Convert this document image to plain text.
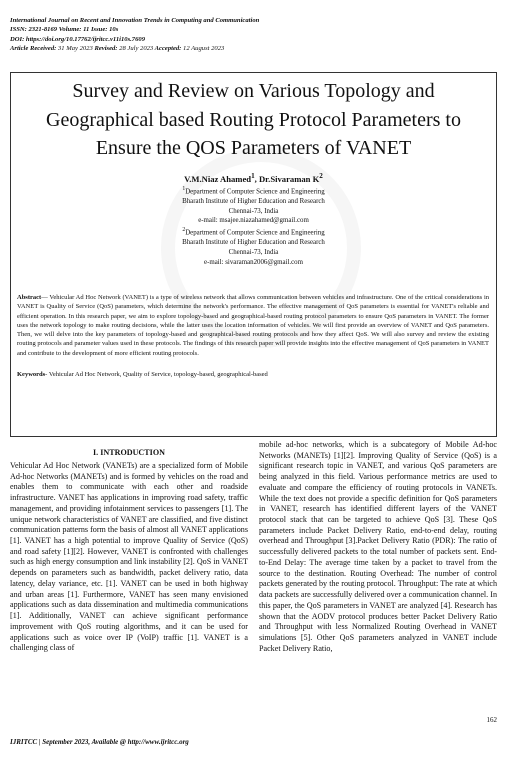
International Journal on Recent and Innovation Trends in Computing and Communication
ISSN: 2321-8169 Volume: 11 Issue: 10s
DOI: https://doi.org/10.17762/ijritcc.v11i10s.7609
Article Received: 31 May 2023 Revised: 28 July 2023 Accepted: 12 August 2023
Survey and Review on Various Topology and
Geographical based Routing Protocol Parameters to
Ensure the QOS Parameters of VANET
V.M.Niaz Ahamed$^1$, Dr.Sivaraman $K^2$
$^1$Department of Computer Science and Engineering
Bharath Institute of Higher Education and Research
Chennai-73, India
e-mail: msajee.niazahamed@gmail.com
$^2$Department of Computer Science and Engineering
Bharath Institute of Higher Education and Research
Chennai-73, India
e-mail: sivaraman2006@gmail.com
Abstract— Vehicular Ad Hoc Network (VANET) is a type of wireless network that allows communication between vehicles and infrastructure. One of the critical considerations in VANET is Quality of Service (QoS) parameters, which determine the network's performance. The effective management of QoS parameters is essential for VANET's reliable and efficient operation. In this research paper, we aim to explore topology-based and geographical-based routing protocol parameters to ensure QoS parameters in VANET. The former uses the network topology to make routing decisions, while the latter uses the location information of vehicles. We will first provide an overview of VANET and QoS parameters. Then, we will delve into the key parameters of topology-based and geographical-based routing protocols and how they affect QoS. We will also survey and review the existing routing protocols and parameter values used in these protocols. The findings of this research paper will provide insights into the effective management of QoS parameters in VANET and contribute to the development of more efficient routing protocols.
Keywords- Vehicular Ad Hoc Network, Quality of Service, topology-based, geographical-based
I. INTRODUCTION
Vehicular Ad Hoc Network (VANETs) are a specialized form of Mobile Ad-hoc Networks (MANETs) and is formed by vehicles on the road and enables them to communicate with each other and roadside infrastructure. VANET has applications in improving road safety, traffic management, and providing infotainment services to passengers [1]. The unique network characteristics of VANET are classified, and five distinct communication patterns form the basis of almost all VANET applications [1]. VANET has a high potential to improve Quality of Service (QoS) and road safety [1][2]. However, VANET is confronted with challenges such as high energy consumption and link instability [2]. QoS in VANET depends on parameters such as bandwidth, packet delivery ratio, data latency, delay variance, etc. [1]. VANET can be used in both highway and urban areas [1]. Furthermore, VANET has seen many envisioned applications such as data dissemination and multimedia communications [1]. Additionally, VANET can achieve significant performance improvement with QoS routing algorithms, and it can be used for applications such as voice over IP (VoIP) traffic [1]. VANET is a challenging class of
mobile ad-hoc networks, which is a subcategory of Mobile Ad-hoc Networks (MANETs) [1][2]. Improving Quality of Service (QoS) is a significant research topic in VANET, and various QoS parameters are being analyzed in this field. Various performance metrics are used to evaluate and compare the efficiency of routing protocols in VANETs. While the text does not provide a specific definition for QoS parameters in VANET, research has identified different layers of the VANET protocol stack that can be targeted to achieve QoS [3]. These QoS parameters include Packet Delivery Ratio, end-to-end delay, routing overhead and Throughput [3].Packet Delivery Ratio (PDR): The ratio of successfully delivered packets to the total number of packets sent. End-to-End Delay: The average time taken by a packet to travel from the source to the destination. Routing Overhead: The number of control packets generated by the routing protocol. Throughput: The rate at which data packets are successfully delivered over a communication channel. In this paper, the QoS parameters in VANET are analyzed [4]. Research has shown that the AODV protocol produces better Packet Delivery Ratio and Throughput with less Normalized Routing Overhead in VANET simulations [5]. Other QoS parameters analyzed in VANET include Packet Delivery Ratio,
162
IJRITCC | September 2023, Available @ http://www.ijritcc.org
